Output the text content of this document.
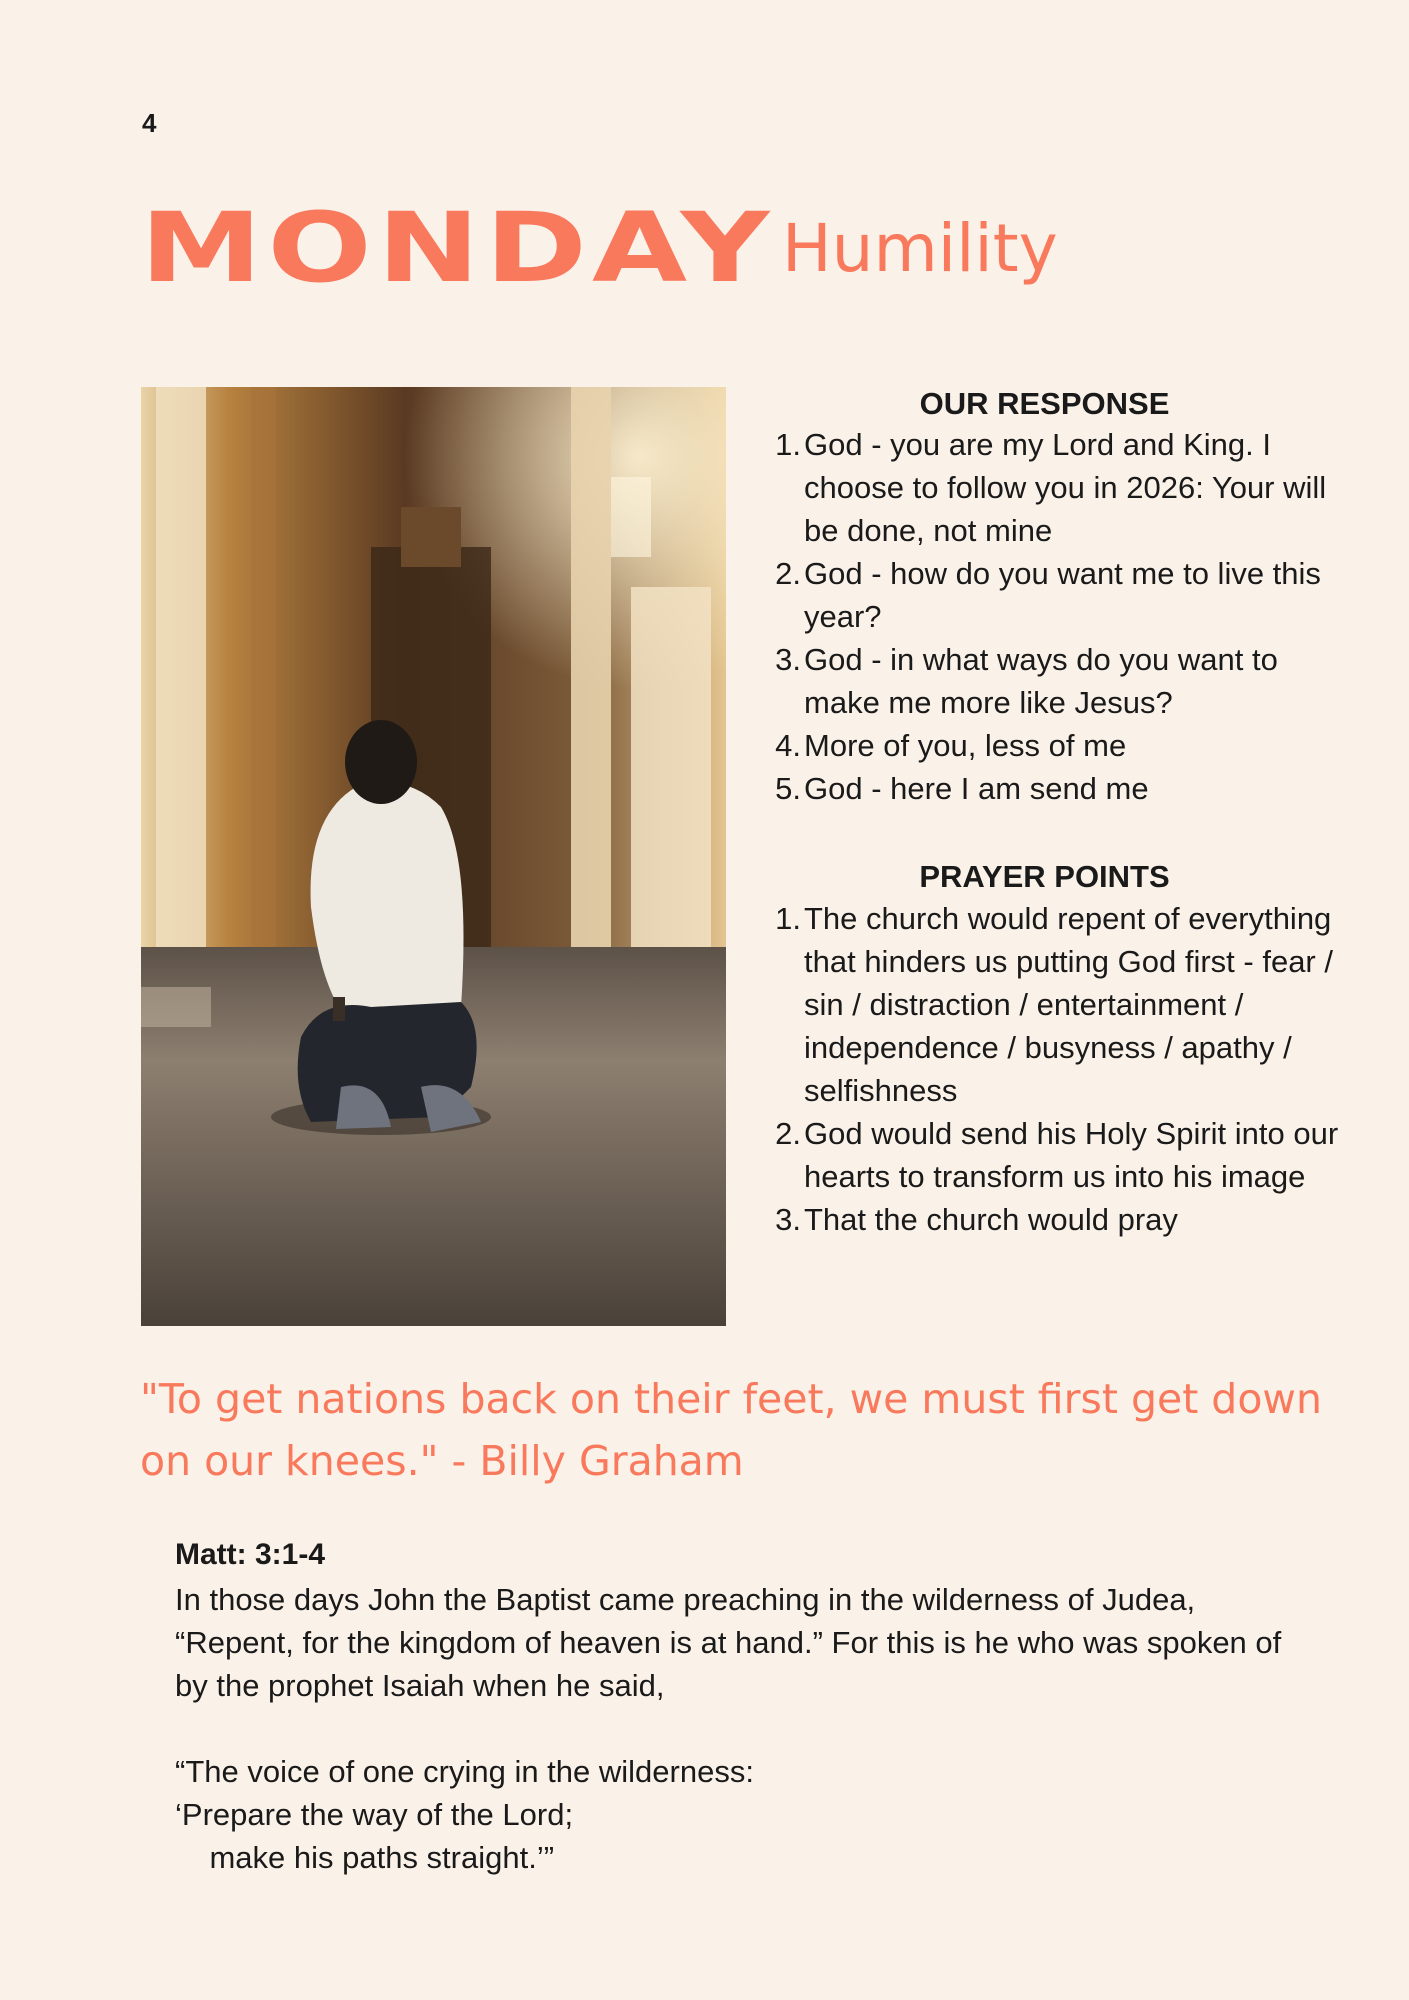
4
MONDAY Humility
OUR RESPONSE
1. God - you are my Lord and King. I choose to follow you in 2026: Your will be done, not mine
2. God - how do you want me to live this year?
3. God - in what ways do you want to make me more like Jesus?
4. More of you, less of me
5. God - here I am send me
PRAYER POINTS
1. The church would repent of everything that hinders us putting God first - fear / sin / distraction / entertainment / independence / busyness / apathy / selfishness
2. God would send his Holy Spirit into our hearts to transform us into his image
3. That the church would pray
"To get nations back on their feet, we must first get down on our knees." - Billy Graham
Matt: 3:1-4
In those days John the Baptist came preaching in the wilderness of Judea,  “Repent, for the kingdom of heaven is at hand.” For this is he who was spoken of by the prophet Isaiah when he said,
“The voice of one crying in the wilderness:
‘Prepare the way of the Lord;
make his paths straight.’”
